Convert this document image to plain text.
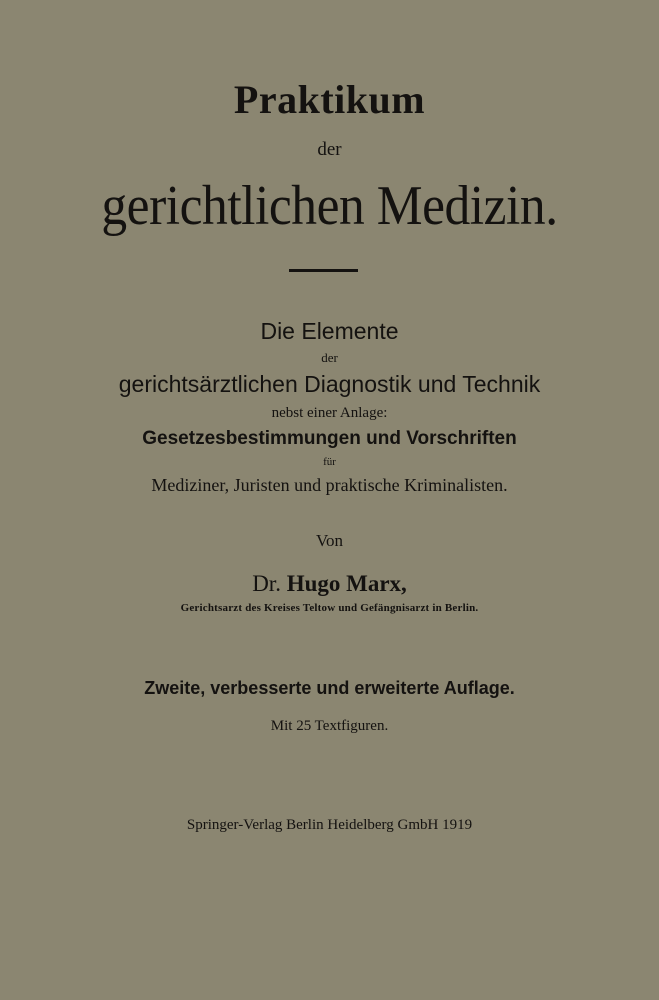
Praktikum
der
gerichtlichen Medizin.
Die Elemente
der
gerichtsärztlichen Diagnostik und Technik
nebst einer Anlage:
Gesetzesbestimmungen und Vorschriften
für
Mediziner, Juristen und praktische Kriminalisten.
Von
Dr. Hugo Marx,
Gerichtsarzt des Kreises Teltow und Gefängnisarzt in Berlin.
Zweite, verbesserte und erweiterte Auflage.
Mit 25 Textfiguren.
Springer-Verlag Berlin Heidelberg GmbH 1919
